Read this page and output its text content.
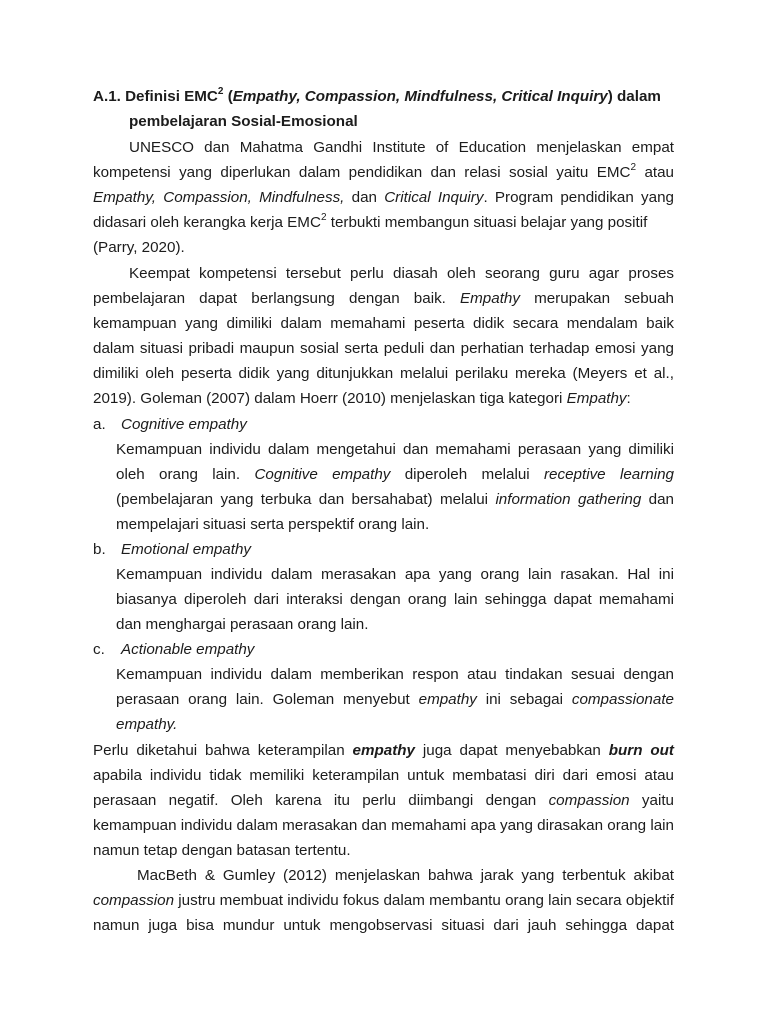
A.1. Definisi EMC$^2$ (Empathy, Compassion, Mindfulness, Critical Inquiry) dalam
pembelajaran Sosial-Emosional
UNESCO dan Mahatma Gandhi Institute of Education menjelaskan empat
kompetensi yang diperlukan dalam pendidikan dan relasi sosial yaitu EMC$^2$ atau
Empathy, Compassion, Mindfulness, dan Critical Inquiry. Program pendidikan yang
didasari oleh kerangka kerja EMC$^2$ terbukti membangun situasi belajar yang positif
(Parry, 2020).
Keempat kompetensi tersebut perlu diasah oleh seorang guru agar proses
pembelajaran dapat berlangsung dengan baik. Empathy merupakan sebuah
kemampuan yang dimiliki dalam memahami peserta didik secara mendalam baik
dalam situasi pribadi maupun sosial serta peduli dan perhatian terhadap emosi yang
dimiliki oleh peserta didik yang ditunjukkan melalui perilaku mereka (Meyers et al.,
2019). Goleman (2007) dalam Hoerr (2010) menjelaskan tiga kategori Empathy:
a. Cognitive empathy
Kemampuan individu dalam mengetahui dan memahami perasaan yang dimiliki
oleh orang lain. Cognitive empathy diperoleh melalui receptive learning
(pembelajaran yang terbuka dan bersahabat) melalui information gathering dan
mempelajari situasi serta perspektif orang lain.
b. Emotional empathy
Kemampuan individu dalam merasakan apa yang orang lain rasakan. Hal ini
biasanya diperoleh dari interaksi dengan orang lain sehingga dapat memahami
dan menghargai perasaan orang lain.
c. Actionable empathy
Kemampuan individu dalam memberikan respon atau tindakan sesuai dengan
perasaan orang lain. Goleman menyebut empathy ini sebagai compassionate
empathy.
Perlu diketahui bahwa keterampilan empathy juga dapat menyebabkan burn out
apabila individu tidak memiliki keterampilan untuk membatasi diri dari emosi atau
perasaan negatif. Oleh karena itu perlu diimbangi dengan compassion yaitu
kemampuan individu dalam merasakan dan memahami apa yang dirasakan orang lain
namun tetap dengan batasan tertentu.
MacBeth & Gumley (2012) menjelaskan bahwa jarak yang terbentuk akibat
compassion justru membuat individu fokus dalam membantu orang lain secara objektif
namun juga bisa mundur untuk mengobservasi situasi dari jauh sehingga dapat
